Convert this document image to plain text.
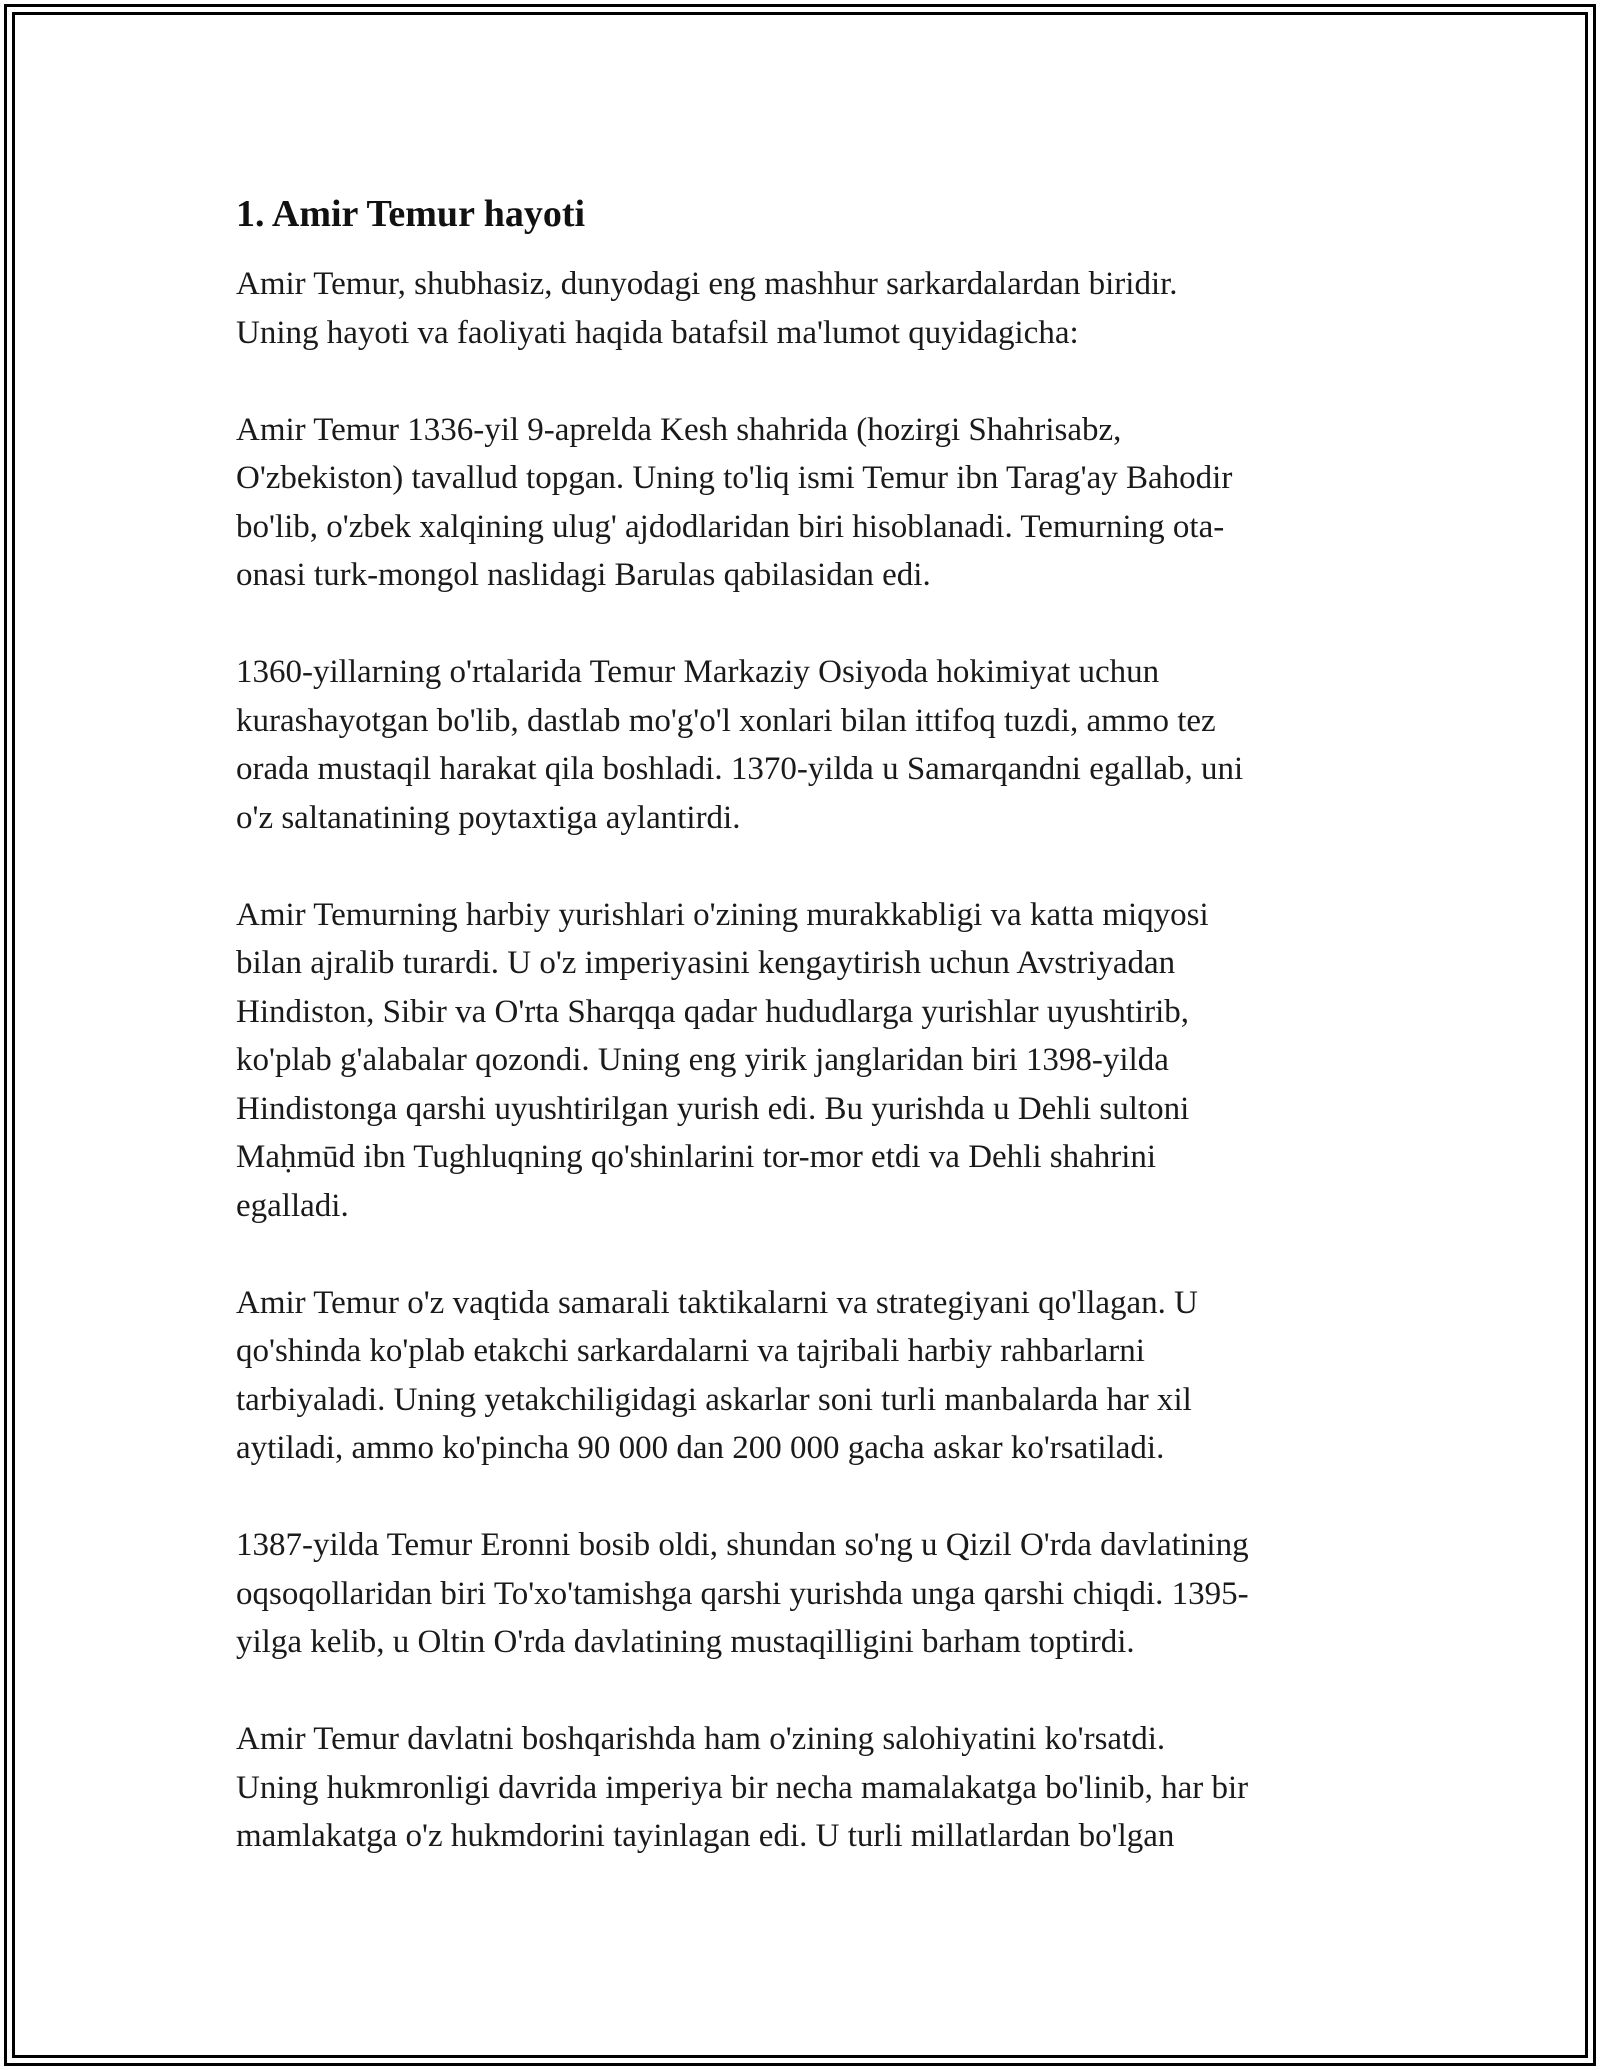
1. Amir Temur hayoti

Amir Temur, shubhasiz, dunyodagi eng mashhur sarkardalardan biridir.
Uning hayoti va faoliyati haqida batafsil ma'lumot quyidagicha:

Amir Temur 1336-yil 9-aprelda Kesh shahrida (hozirgi Shahrisabz,
O'zbekiston) tavallud topgan. Uning to'liq ismi Temur ibn Tarag'ay Bahodir
bo'lib, o'zbek xalqining ulug' ajdodlaridan biri hisoblanadi. Temurning ota-
onasi turk-mongol naslidagi Barulas qabilasidan edi.

1360-yillarning o'rtalarida Temur Markaziy Osiyoda hokimiyat uchun
kurashayotgan bo'lib, dastlab mo'g'o'l xonlari bilan ittifoq tuzdi, ammo tez
orada mustaqil harakat qila boshladi. 1370-yilda u Samarqandni egallab, uni
o'z saltanatining poytaxtiga aylantirdi.

Amir Temurning harbiy yurishlari o'zining murakkabligi va katta miqyosi
bilan ajralib turardi. U o'z imperiyasini kengaytirish uchun Avstriyadan
Hindiston, Sibir va O'rta Sharqqa qadar hududlarga yurishlar uyushtirib,
ko'plab g'alabalar qozondi. Uning eng yirik janglaridan biri 1398-yilda
Hindistonga qarshi uyushtirilgan yurish edi. Bu yurishda u Dehli sultoni
Maḥmūd ibn Tughluqning qo'shinlarini tor-mor etdi va Dehli shahrini
egalladi.

Amir Temur o'z vaqtida samarali taktikalarni va strategiyani qo'llagan. U
qo'shinda ko'plab etakchi sarkardalarni va tajribali harbiy rahbarlarni
tarbiyaladi. Uning yetakchiligidagi askarlar soni turli manbalarda har xil
aytiladi, ammo ko'pincha 90 000 dan 200 000 gacha askar ko'rsatiladi.

1387-yilda Temur Eronni bosib oldi, shundan so'ng u Qizil O'rda davlatining
oqsoqollaridan biri To'xo'tamishga qarshi yurishda unga qarshi chiqdi. 1395-
yilga kelib, u Oltin O'rda davlatining mustaqilligini barham toptirdi.

Amir Temur davlatni boshqarishda ham o'zining salohiyatini ko'rsatdi.
Uning hukmronligi davrida imperiya bir necha mamalakatga bo'linib, har bir
mamlakatga o'z hukmdorini tayinlagan edi. U turli millatlardan bo'lgan
